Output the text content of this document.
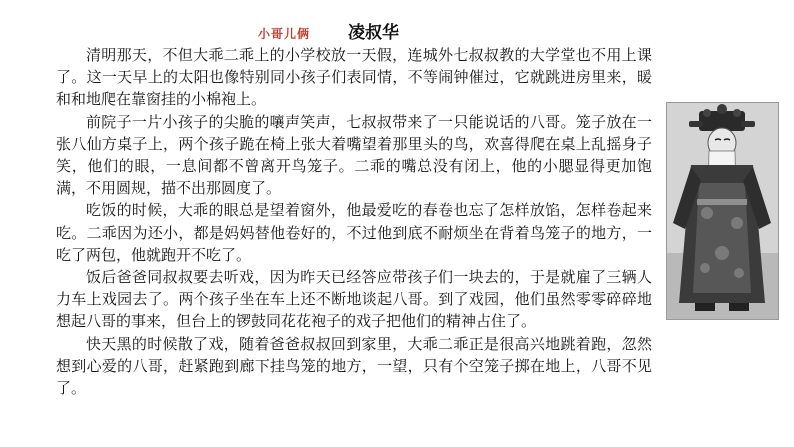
小哥儿俩 凌叔华

清明那天，不但大乖二乖上的小学校放一天假，连城外七叔叔教的大学堂也不用上课了。这一天早上的太阳也像特别同小孩子们表同情，不等闹钟催过，它就跳进房里来，暖和和地爬在靠窗挂的小棉袍上。

前院子一片小孩子的尖脆的嚷声笑声，七叔叔带来了一只能说话的八哥。笼子放在一张八仙方桌子上，两个孩子跪在椅上张大着嘴望着那里头的鸟，欢喜得爬在桌上乱摇身子笑，他们的眼，一息间都不曾离开鸟笼子。二乖的嘴总没有闭上，他的小腮显得更加饱满，不用圆规，描不出那圆度了。

吃饭的时候，大乖的眼总是望着窗外，他最爱吃的春卷也忘了怎样放馅，怎样卷起来吃。二乖因为还小，都是妈妈替他卷好的，不过他到底不耐烦坐在背着鸟笼子的地方，一吃了两包，他就跑开不吃了。

饭后爸爸同叔叔要去听戏，因为昨天已经答应带孩子们一块去的，于是就雇了三辆人力车上戏园去了。两个孩子坐在车上还不断地谈起八哥。到了戏园，他们虽然零零碎碎地想起八哥的事来，但台上的锣鼓同花花袍子的戏子把他们的精神占住了。

快天黑的时候散了戏，随着爸爸叔叔回到家里，大乖二乖正是很高兴地跳着跑，忽然想到心爱的八哥，赶紧跑到廊下挂鸟笼的地方，一望，只有个空笼子掷在地上，八哥不见了。
